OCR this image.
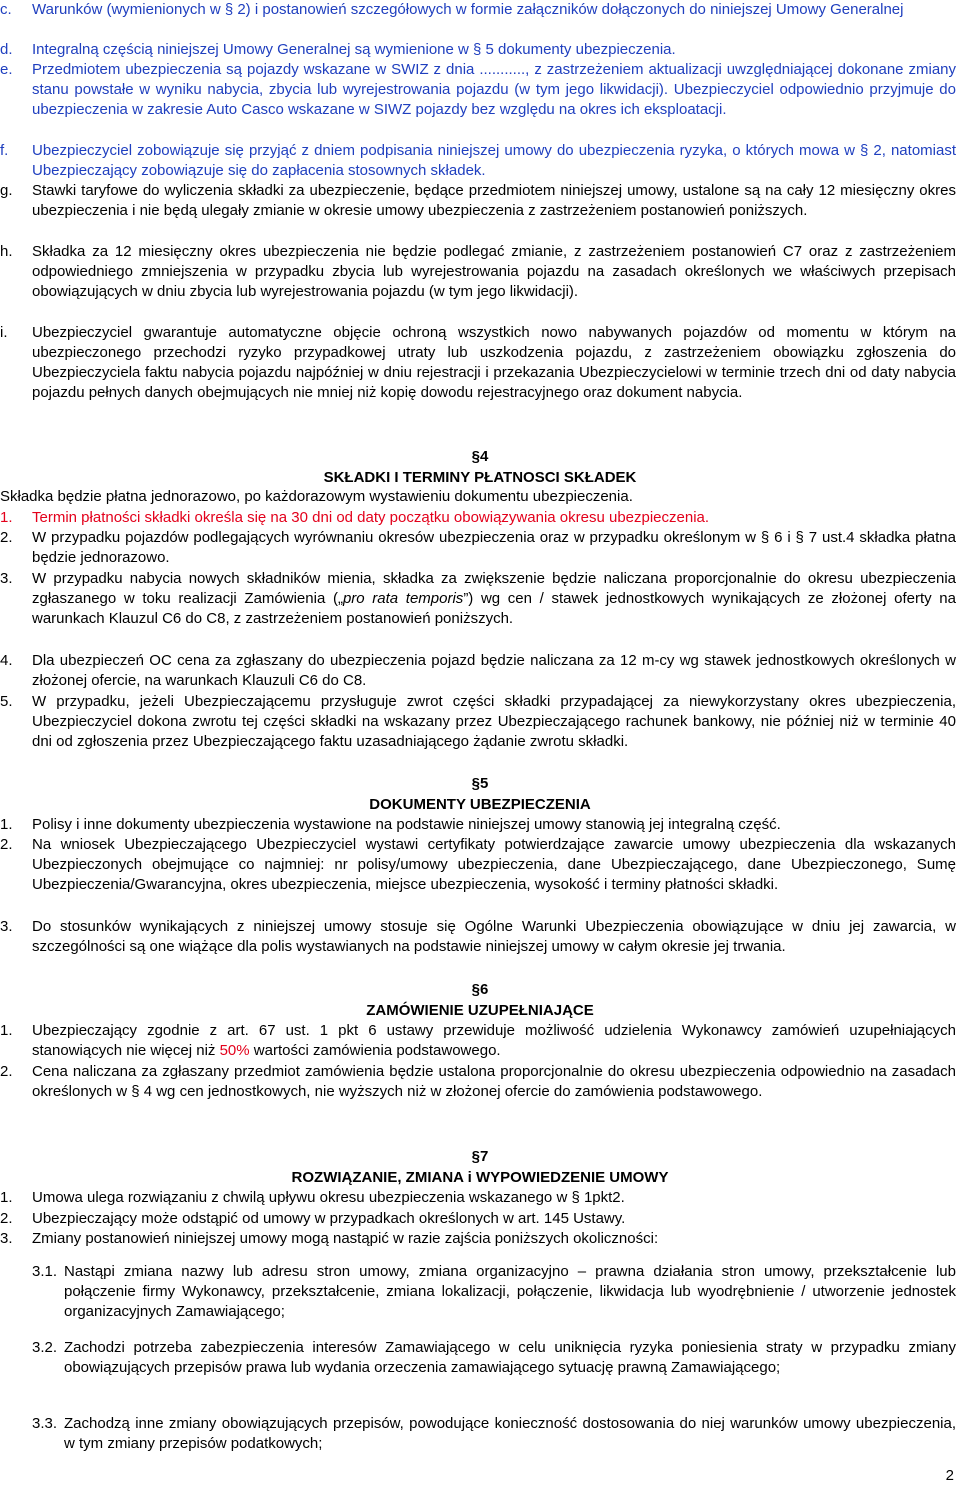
c.	Warunków (wymienionych w § 2) i postanowień szczegółowych w formie załączników dołączonych do niniejszej Umowy Generalnej
d.	Integralną częścią niniejszej Umowy Generalnej są wymienione w § 5 dokumenty ubezpieczenia.
e.	Przedmiotem ubezpieczenia są pojazdy wskazane w SWIZ z dnia ..........., z zastrzeżeniem aktualizacji uwzględniającej dokonane zmiany stanu powstałe w wyniku nabycia, zbycia lub wyrejestrowania pojazdu (w tym jego likwidacji). Ubezpieczyciel odpowiednio przyjmuje do ubezpieczenia w zakresie Auto Casco wskazane w SIWZ pojazdy bez względu na okres ich eksploatacji.
f.	Ubezpieczyciel zobowiązuje się przyjąć z dniem podpisania niniejszej umowy do ubezpieczenia ryzyka, o których mowa w § 2, natomiast Ubezpieczający zobowiązuje się do zapłacenia stosownych składek.
g.	Stawki taryfowe do wyliczenia składki za ubezpieczenie, będące przedmiotem niniejszej umowy, ustalone są na cały 12 miesięczny okres ubezpieczenia i nie będą ulegały zmianie w okresie umowy ubezpieczenia z zastrzeżeniem postanowień poniższych.
h.	Składka za 12 miesięczny okres ubezpieczenia nie będzie podlegać zmianie, z zastrzeżeniem postanowień C7 oraz z zastrzeżeniem odpowiedniego zmniejszenia w przypadku zbycia lub wyrejestrowania pojazdu na zasadach określonych we właściwych przepisach obowiązujących w dniu zbycia lub wyrejestrowania pojazdu (w tym jego likwidacji).
i.	Ubezpieczyciel gwarantuje automatyczne objęcie ochroną wszystkich nowo nabywanych pojazdów od momentu w którym na ubezpieczonego przechodzi ryzyko przypadkowej utraty lub uszkodzenia pojazdu, z zastrzeżeniem obowiązku zgłoszenia do Ubezpieczyciela faktu nabycia pojazdu najpóźniej w dniu rejestracji i przekazania Ubezpieczycielowi w terminie trzech dni od daty nabycia pojazdu pełnych danych obejmujących nie mniej niż kopię dowodu rejestracyjnego oraz dokument nabycia.
§4
SKŁADKI I TERMINY PŁATNOSCI SKŁADEK
Składka będzie płatna jednorazowo, po każdorazowym wystawieniu dokumentu ubezpieczenia.
1.	Termin płatności składki określa się na 30 dni od daty początku obowiązywania okresu ubezpieczenia.
2.	W przypadku pojazdów podlegających wyrównaniu okresów ubezpieczenia oraz w przypadku określonym w § 6 i § 7 ust.4 składka płatna będzie jednorazowo.
3.	W przypadku nabycia nowych składników mienia, składka za zwiększenie będzie naliczana proporcjonalnie do okresu ubezpieczenia zgłaszanego w toku realizacji Zamówienia („pro rata temporis”) wg cen / stawek jednostkowych wynikających ze złożonej oferty na warunkach Klauzul C6 do C8, z zastrzeżeniem postanowień poniższych.
4.	Dla ubezpieczeń OC cena za zgłaszany do ubezpieczenia pojazd będzie naliczana za 12 m-cy wg stawek jednostkowych określonych w złożonej ofercie, na warunkach Klauzuli C6 do C8.
5.	W przypadku, jeżeli Ubezpieczającemu przysługuje zwrot części składki przypadającej za niewykorzystany okres ubezpieczenia, Ubezpieczyciel dokona zwrotu tej części składki na wskazany przez Ubezpieczającego rachunek bankowy, nie później niż w terminie 40 dni od zgłoszenia przez Ubezpieczającego faktu uzasadniającego żądanie zwrotu składki.
§5
DOKUMENTY UBEZPIECZENIA
1.	Polisy i inne dokumenty ubezpieczenia wystawione na podstawie niniejszej umowy stanowią jej integralną część.
2.	Na wniosek Ubezpieczającego Ubezpieczyciel wystawi certyfikaty potwierdzające zawarcie umowy ubezpieczenia dla wskazanych Ubezpieczonych obejmujące co najmniej: nr polisy/umowy ubezpieczenia, dane Ubezpieczającego, dane Ubezpieczonego, Sumę Ubezpieczenia/Gwarancyjna, okres ubezpieczenia, miejsce ubezpieczenia, wysokość i terminy płatności składki.
3.	Do stosunków wynikających z niniejszej umowy stosuje się Ogólne Warunki Ubezpieczenia obowiązujące w dniu jej zawarcia, w szczególności są one wiążące dla polis wystawianych na podstawie niniejszej umowy w całym okresie jej trwania.
§6
ZAMÓWIENIE UZUPEŁNIAJĄCE
1.	Ubezpieczający zgodnie z art. 67 ust. 1 pkt 6 ustawy przewiduje możliwość udzielenia Wykonawcy zamówień uzupełniających stanowiących nie więcej niż 50% wartości zamówienia podstawowego.
2.	Cena naliczana za zgłaszany przedmiot zamówienia będzie ustalona proporcjonalnie do okresu ubezpieczenia odpowiednio na zasadach określonych w § 4 wg cen jednostkowych, nie wyższych niż w złożonej ofercie do zamówienia podstawowego.
§7
ROZWIĄZANIE, ZMIANA i WYPOWIEDZENIE UMOWY
1.	Umowa ulega rozwiązaniu z chwilą upływu okresu ubezpieczenia wskazanego w § 1pkt2.
2.	Ubezpieczający może odstąpić od umowy w przypadkach określonych w art. 145 Ustawy.
3.	Zmiany postanowień niniejszej umowy mogą nastąpić w razie zajścia poniższych okoliczności:
3.1. Nastąpi zmiana nazwy lub adresu stron umowy, zmiana organizacyjno – prawna działania stron umowy, przekształcenie lub połączenie firmy Wykonawcy, przekształcenie, zmiana lokalizacji, połączenie, likwidacja lub wyodrębnienie / utworzenie jednostek organizacyjnych Zamawiającego;
3.2. Zachodzi potrzeba zabezpieczenia interesów Zamawiającego w celu uniknięcia ryzyka poniesienia straty w przypadku zmiany obowiązujących przepisów prawa lub wydania orzeczenia zamawiającego sytuację prawną Zamawiającego;
3.3. Zachodzą inne zmiany obowiązujących przepisów, powodujące konieczność dostosowania do niej warunków umowy ubezpieczenia, w tym zmiany przepisów podatkowych;
2
